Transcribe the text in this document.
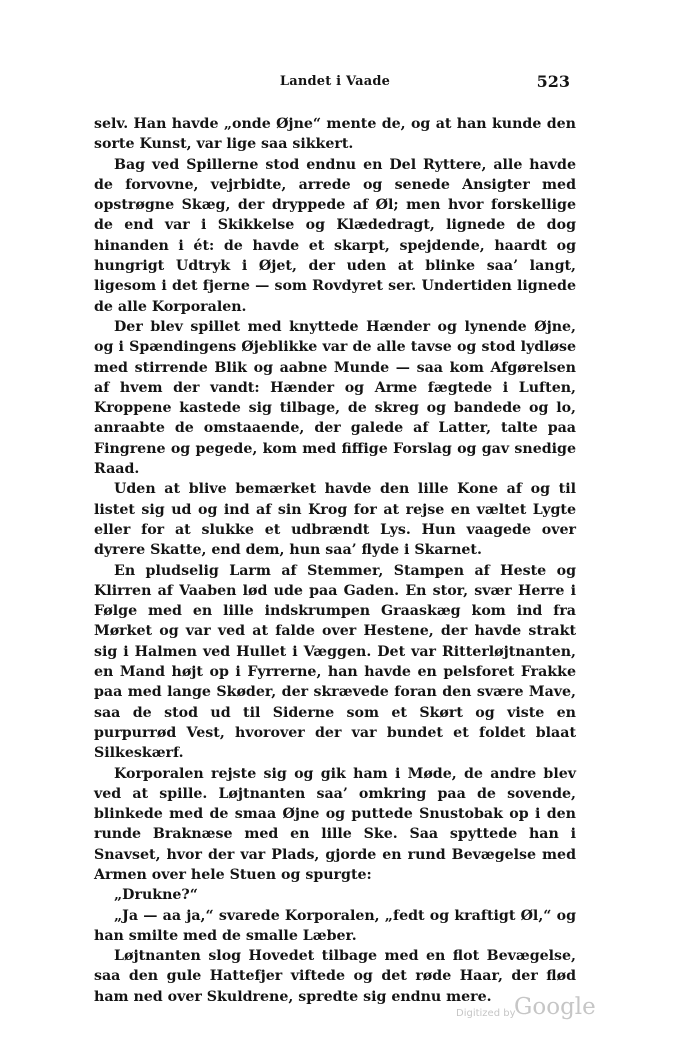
Landet i Vaade	523

selv. Han havde „onde Øjne“ mente de, og at han kunde den sorte Kunst, var lige saa sikkert.

Bag ved Spillerne stod endnu en Del Ryttere, alle havde de forvovne, vejrbidte, arrede og senede Ansigter med opstrøgne Skæg, der dryppede af Øl; men hvor forskellige de end var i Skikkelse og Klædedragt, lignede de dog hinanden i ét: de havde et skarpt, spejdende, haardt og hungrigt Udtryk i Øjet, der uden at blinke saa’ langt, ligesom i det fjerne — som Rovdyret ser. Undertiden lignede de alle Korporalen.

Der blev spillet med knyttede Hænder og lynende Øjne, og i Spændingens Øjeblikke var de alle tavse og stod lydløse med stirrende Blik og aabne Munde — saa kom Afgørelsen af hvem der vandt: Hænder og Arme fægtede i Luften, Kroppene kastede sig tilbage, de skreg og bandede og lo, anraabte de omstaaende, der galede af Latter, talte paa Fingrene og pegede, kom med fiffige Forslag og gav snedige Raad.

Uden at blive bemærket havde den lille Kone af og til listet sig ud og ind af sin Krog for at rejse en væltet Lygte eller for at slukke et udbrændt Lys. Hun vaagede over dyrere Skatte, end dem, hun saa’ flyde i Skarnet.

En pludselig Larm af Stemmer, Stampen af Heste og Klirren af Vaaben lød ude paa Gaden. En stor, svær Herre i Følge med en lille indskrumpen Graaskæg kom ind fra Mørket og var ved at falde over Hestene, der havde strakt sig i Halmen ved Hullet i Væggen. Det var Ritterløjtnanten, en Mand højt op i Fyrrerne, han havde en pelsforet Frakke paa med lange Skøder, der skrævede foran den svære Mave, saa de stod ud til Siderne som et Skørt og viste en purpurrød Vest, hvorover der var bundet et foldet blaat Silkeskærf.

Korporalen rejste sig og gik ham i Møde, de andre blev ved at spille. Løjtnanten saa’ omkring paa de sovende, blinkede med de smaa Øjne og puttede Snustobak op i den runde Braknæse med en lille Ske. Saa spyttede han i Snavset, hvor der var Plads, gjorde en rund Bevægelse med Armen over hele Stuen og spurgte:

„Drukne?“

„Ja — aa ja,“ svarede Korporalen, „fedt og kraftigt Øl,“ og han smilte med de smalle Læber.

Løjtnanten slog Hovedet tilbage med en flot Bevægelse, saa den gule Hattefjer viftede og det røde Haar, der flød ham ned over Skuldrene, spredte sig endnu mere.

Digitized by
Google
